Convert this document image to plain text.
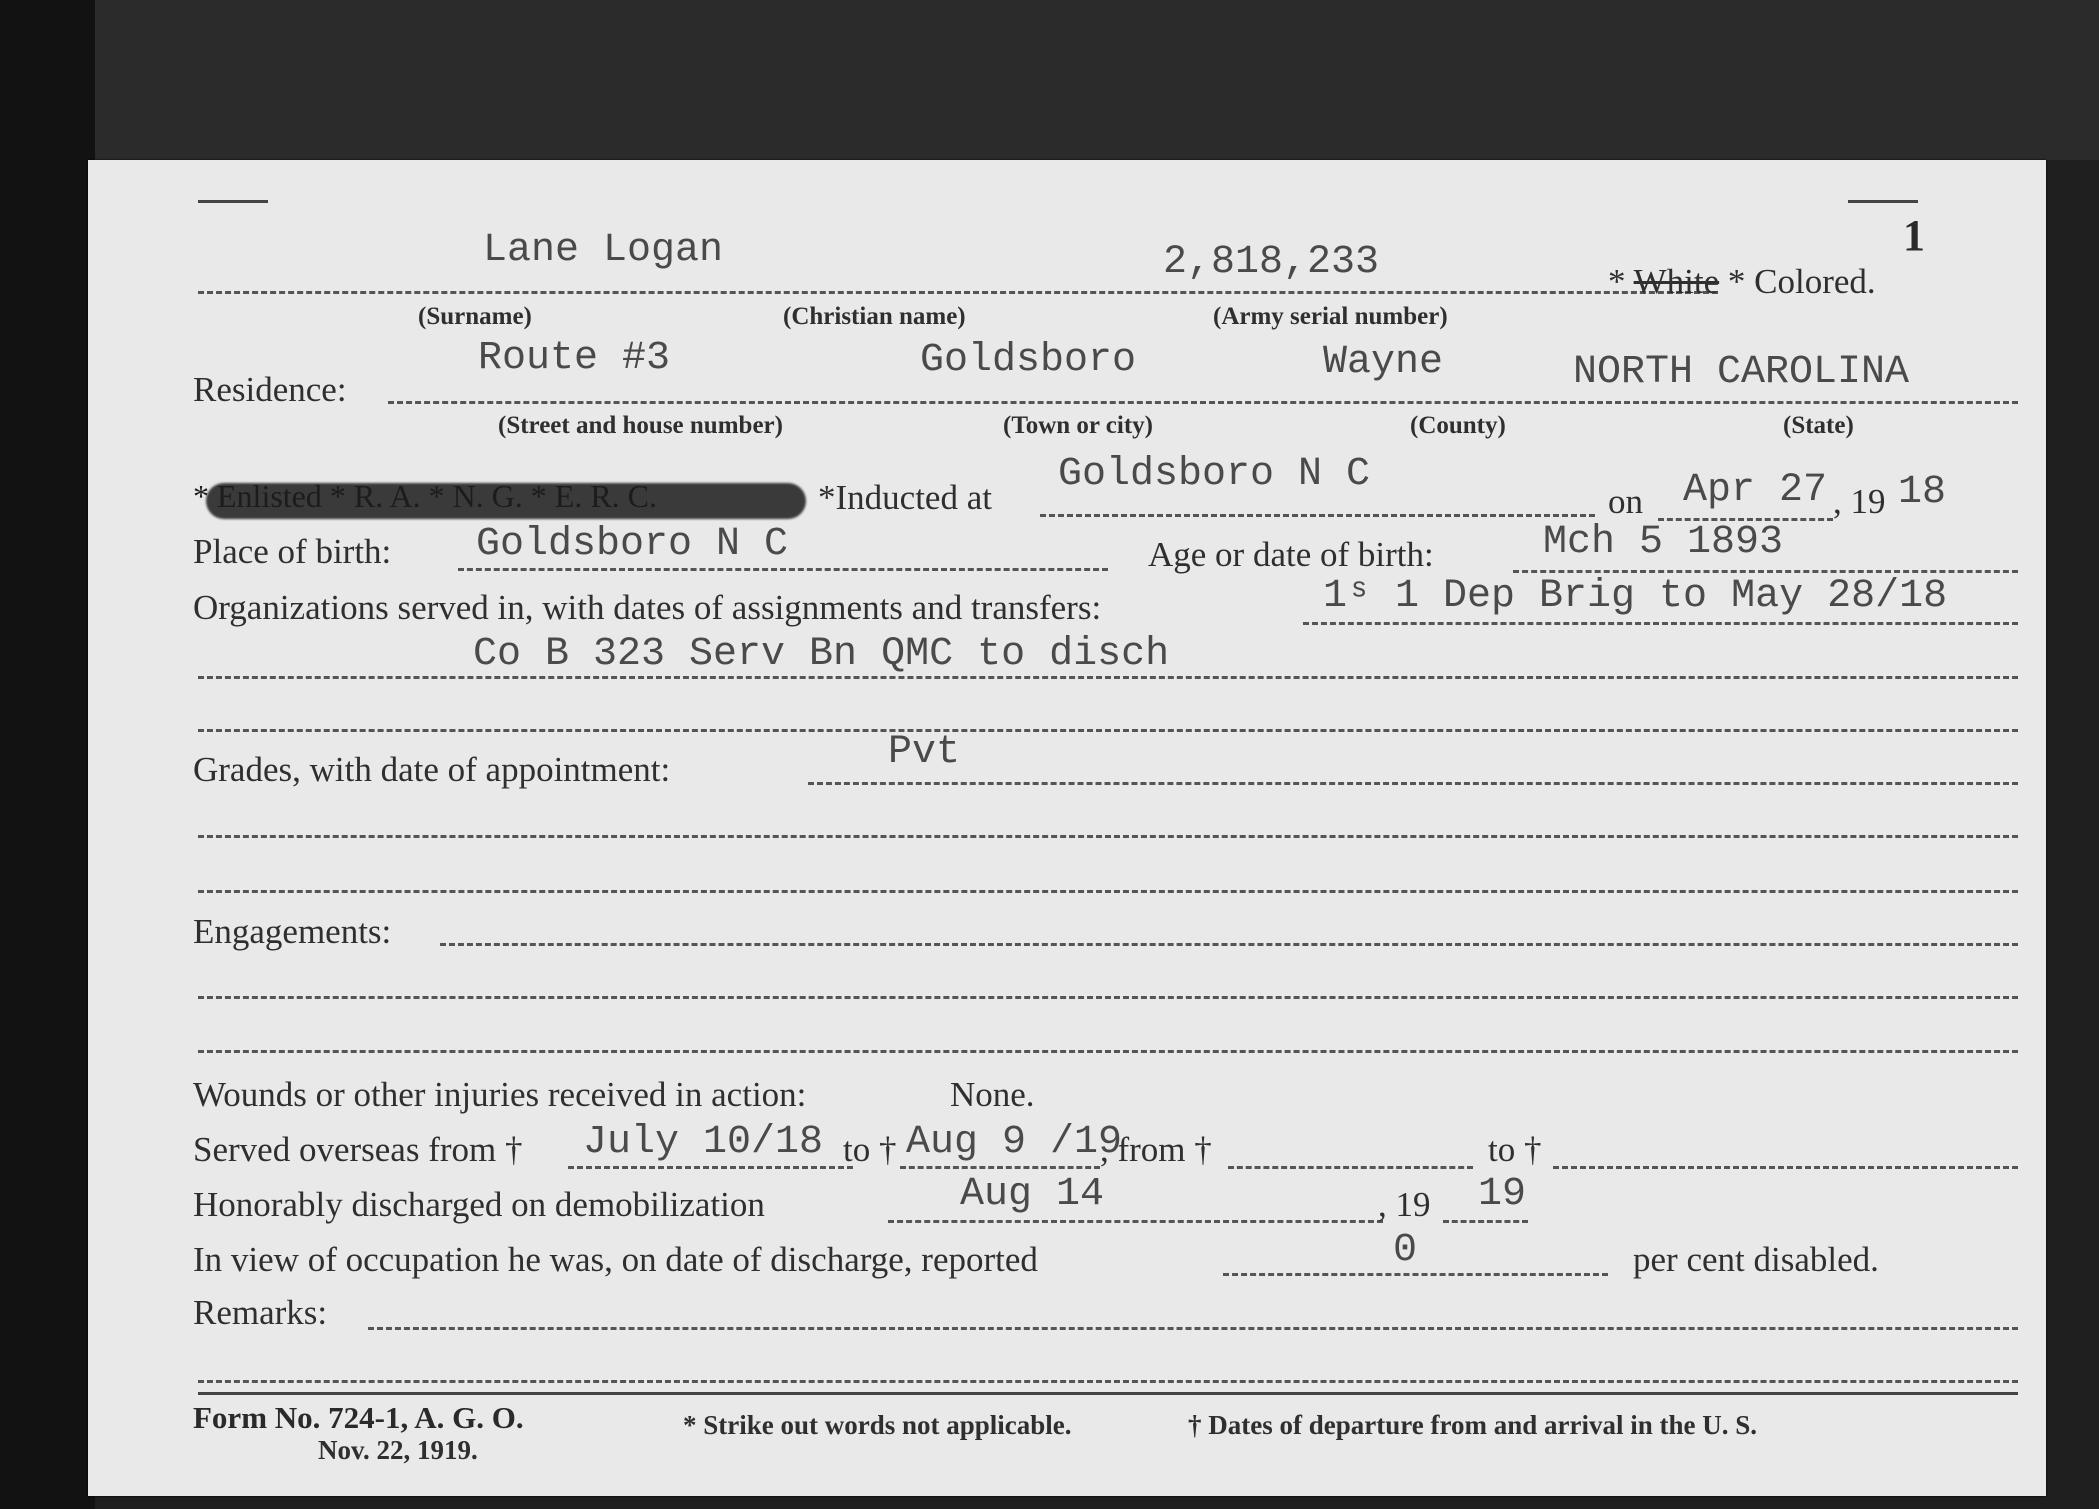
1
Lane Logan	2,818,233	* White * Colored.
(Surname)	(Christian name)	(Army serial number)
Residence:
Route #3	Goldsboro	Wayne	NORTH CAROLINA
(Street and house number)	(Town or city)	(County)	(State)
* Enlisted * R. A. * N. G. * E. R. C.	*Inducted at
Goldsboro N C
on Apr 27 , 19 18
Place of birth: Goldsboro N C	Age or date of birth:	Mch 5 1893
Organizations served in, with dates of assignments and transfers:	1ˢ 1 Dep Brig to May 28/18
Co B 323 Serv Bn QMC to disch
Grades, with date of appointment:	Pvt
Engagements:
Wounds or other injuries received in action:	None.
Served overseas from † July 10/18 to † Aug 9 /19
, from †	to †
Honorably discharged on demobilization	Aug 14	, 19 19
In view of occupation he was, on date of discharge, reported	0	per cent disabled.
Remarks:
Form No. 724-1, A. G. O.
Nov. 22, 1919.
* Strike out words not applicable.	† Dates of departure from and arrival in the U. S.
